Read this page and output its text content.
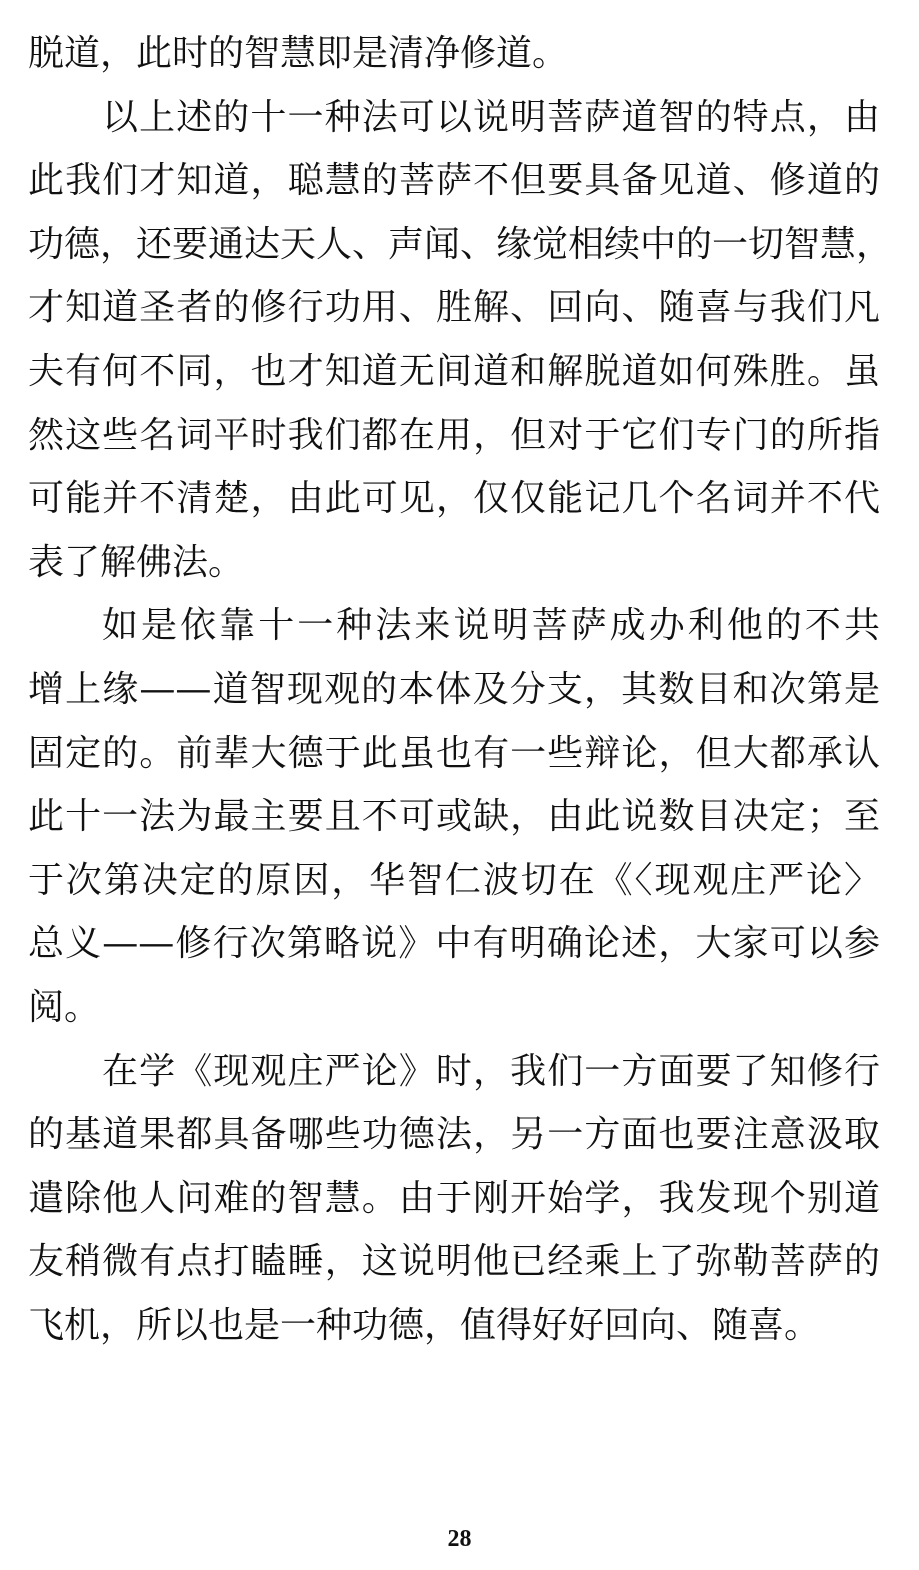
脱道，此时的智慧即是清净修道。
以上述的十一种法可以说明菩萨道智的特点，由
此我们才知道，聪慧的菩萨不但要具备见道、修道的
功德，还要通达天人、声闻、缘觉相续中的一切智慧，
才知道圣者的修行功用、胜解、回向、随喜与我们凡
夫有何不同，也才知道无间道和解脱道如何殊胜。虽
然这些名词平时我们都在用，但对于它们专门的所指
可能并不清楚，由此可见，仅仅能记几个名词并不代
表了解佛法。
如是依靠十一种法来说明菩萨成办利他的不共
增上缘——道智现观的本体及分支，其数目和次第是
固定的。前辈大德于此虽也有一些辩论，但大都承认
此十一法为最主要且不可或缺，由此说数目决定；至
于次第决定的原因，华智仁波切在《〈现观庄严论〉
总义——修行次第略说》中有明确论述，大家可以参
阅。
在学《现观庄严论》时，我们一方面要了知修行
的基道果都具备哪些功德法，另一方面也要注意汲取
遣除他人问难的智慧。由于刚开始学，我发现个别道
友稍微有点打瞌睡，这说明他已经乘上了弥勒菩萨的
飞机，所以也是一种功德，值得好好回向、随喜。
28
